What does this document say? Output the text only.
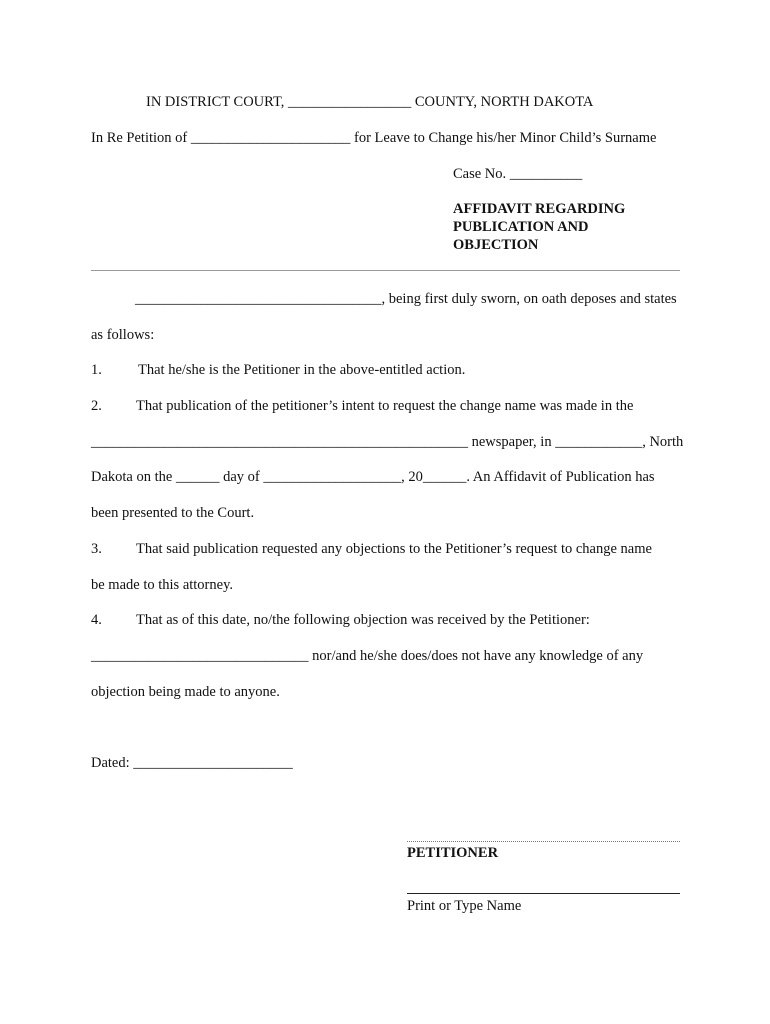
IN DISTRICT COURT, _________________ COUNTY, NORTH DAKOTA
In Re Petition of ______________________ for Leave to Change his/her Minor Child’s Surname
Case No. __________
AFFIDAVIT REGARDING
PUBLICATION AND
OBJECTION
__________________________________, being first duly sworn, on oath deposes and states
as follows:
1. That he/she is the Petitioner in the above-entitled action.
2. That publication of the petitioner’s intent to request the change name was made in the
____________________________________________________ newspaper, in ____________, North
Dakota on the ______ day of ___________________, 20______. An Affidavit of Publication has
been presented to the Court.
3. That said publication requested any objections to the Petitioner’s request to change name
be made to this attorney.
4. That as of this date, no/the following objection was received by the Petitioner:
______________________________ nor/and he/she does/does not have any knowledge of any
objection being made to anyone.
Dated: ______________________
PETITIONER
Print or Type Name
